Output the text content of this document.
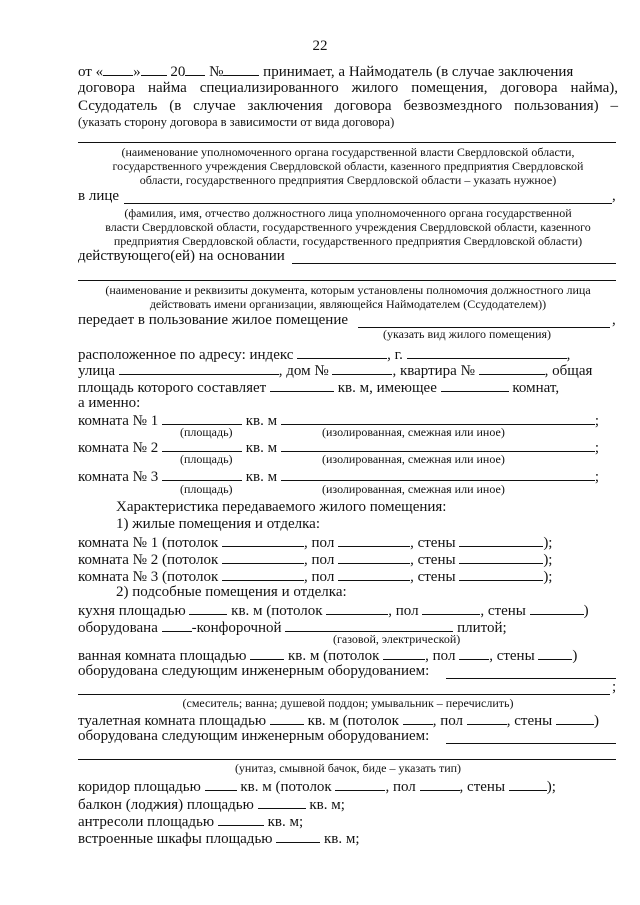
22
от « » 20 №	принимает, а Наймодатель (в случае заключения
договора найма специализированного жилого помещения, договора найма),
Ссудодатель (в случае заключения договора безвозмездного пользования) –
(указать сторону договора в зависимости от вида договора)
(наименование уполномоченного органа государственной власти Свердловской области,
государственного учреждения Свердловской области, казенного предприятия Свердловской
области, государственного предприятия Свердловской области – указать нужное)
в лице	,
(фамилия, имя, отчество должностного лица уполномоченного органа государственной
власти Свердловской области, государственного учреждения Свердловской области, казенного
предприятия Свердловской области, государственного предприятия Свердловской области)
действующего(ей) на основании
(наименование и реквизиты документа, которым установлены полномочия должностного лица
действовать имени организации, являющейся Наймодателем (Ссудодателем))
передает в пользование жилое помещение	,
(указать вид жилого помещения)
расположенное по адресу: индекс	, г.	,
улица	, дом №	, квартира №	, общая
площадь которого составляет	кв. м, имеющее	комнат,
а именно:
комната № 1	кв. м	;
(площадь)	(изолированная, смежная или иное)
комната № 2	кв. м	;
(площадь)	(изолированная, смежная или иное)
комната № 3	кв. м	;
(площадь)	(изолированная, смежная или иное)
Характеристика передаваемого жилого помещения:
1) жилые помещения и отделка:
комната № 1 (потолок	, пол	, стены	);
комната № 2 (потолок	, пол	, стены	);
комната № 3 (потолок	, пол	, стены	);
2) подсобные помещения и отделка:
кухня площадью	кв. м (потолок	, пол	, стены	)
оборудована -конфорочной	плитой;
(газовой, электрической)
ванная комната площадью	кв. м (потолок	, пол , стены	)
оборудована следующим инженерным оборудованием:
;
(смеситель; ванна; душевой поддон; умывальник – перечислить)
туалетная комната площадью	кв. м (потолок , пол	, стены	)
оборудована следующим инженерным оборудованием:
(унитаз, смывной бачок, биде – указать тип)
коридор площадью	кв. м (потолок	, пол	, стены	);
балкон (лоджия) площадью	кв. м;
антресоли площадью	кв. м;
встроенные шкафы площадью	кв. м;
